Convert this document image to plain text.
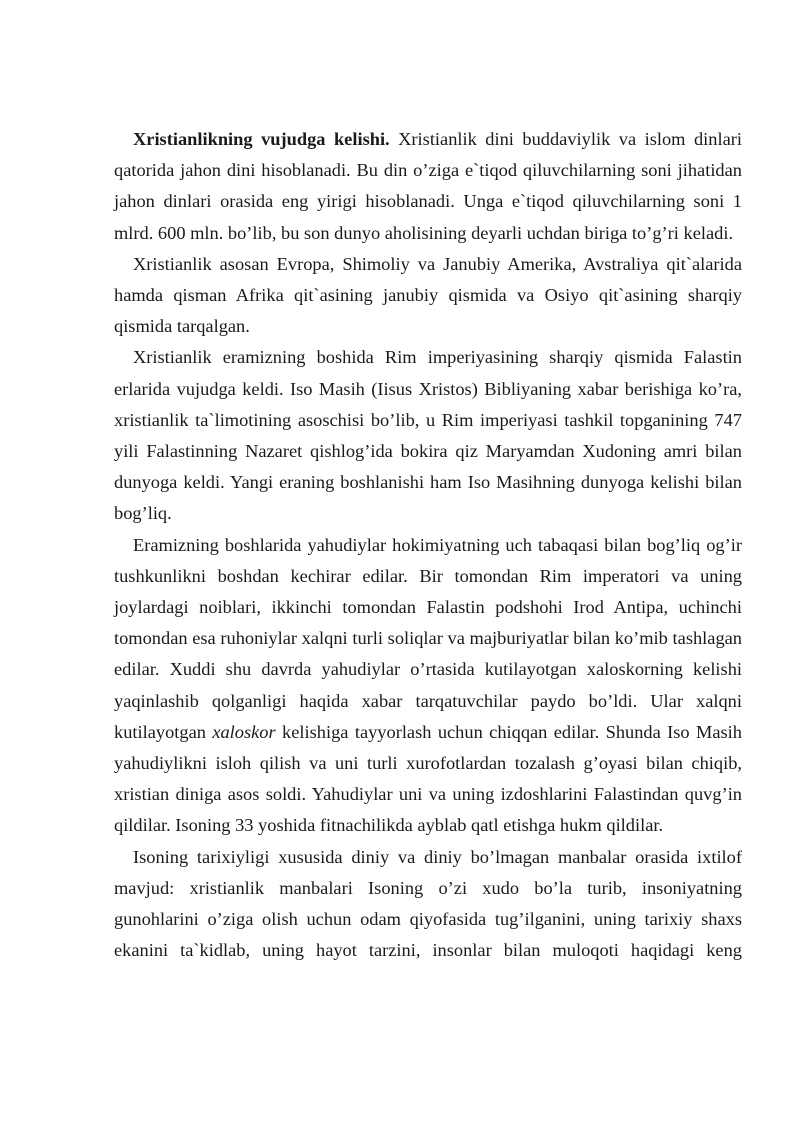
Xristianlikning vujudga kelishi. Xristianlik dini buddaviylik va islom dinlari qatorida jahon dini hisoblanadi. Bu din o’ziga e`tiqod qiluvchilarning soni jihatidan jahon dinlari orasida eng yirigi hisoblanadi. Unga e`tiqod qiluvchilarning soni 1 mlrd. 600 mln. bo’lib, bu son dunyo aholisining deyarli uchdan biriga to’g’ri keladi.

Xristianlik asosan Evropa, Shimoliy va Janubiy Amerika, Avstraliya qit`alarida hamda qisman Afrika qit`asining janubiy qismida va Osiyo qit`asining sharqiy qismida tarqalgan.

Xristianlik eramizning boshida Rim imperiyasining sharqiy qismida Falastin erlarida vujudga keldi. Iso Masih (Iisus Xristos) Bibliyaning xabar berishiga ko’ra, xristianlik ta`limotining asoschisi bo’lib, u Rim imperiyasi tashkil topganining 747 yili Falastinning Nazaret qishlog’ida bokira qiz Maryamdan Xudoning amri bilan dunyoga keldi. Yangi eraning boshlanishi ham Iso Masihning dunyoga kelishi bilan bog’liq.

Eramizning boshlarida yahudiylar hokimiyatning uch tabaqasi bilan bog’liq og’ir tushkunlikni boshdan kechirar edilar. Bir tomondan Rim imperatori va uning joylardagi noiblari, ikkinchi tomondan Falastin podshohi Irod Antipa, uchinchi tomondan esa ruhoniylar xalqni turli soliqlar va majburiyatlar bilan ko’mib tashlagan edilar. Xuddi shu davrda yahudiylar o’rtasida kutilayotgan xaloskorning kelishi yaqinlashib qolganligi haqida xabar tarqatuvchilar paydo bo’ldi. Ular xalqni kutilayotgan xaloskor kelishiga tayyorlash uchun chiqqan edilar. Shunda Iso Masih yahudiylikni isloh qilish va uni turli xurofotlardan tozalash g’oyasi bilan chiqib, xristian diniga asos soldi. Yahudiylar uni va uning izdoshlarini Falastindan quvg’in qildilar. Isoning 33 yoshida fitnachilikda ayblab qatl etishga hukm qildilar.

Isoning tarixiyligi xususida diniy va diniy bo’lmagan manbalar orasida ixtilof mavjud: xristianlik manbalari Isoning o’zi xudo bo’la turib, insoniyatning gunohlarini o’ziga olish uchun odam qiyofasida tug’ilganini, uning tarixiy shaxs ekanini ta`kidlab, uning hayot tarzini, insonlar bilan muloqoti haqidagi keng
